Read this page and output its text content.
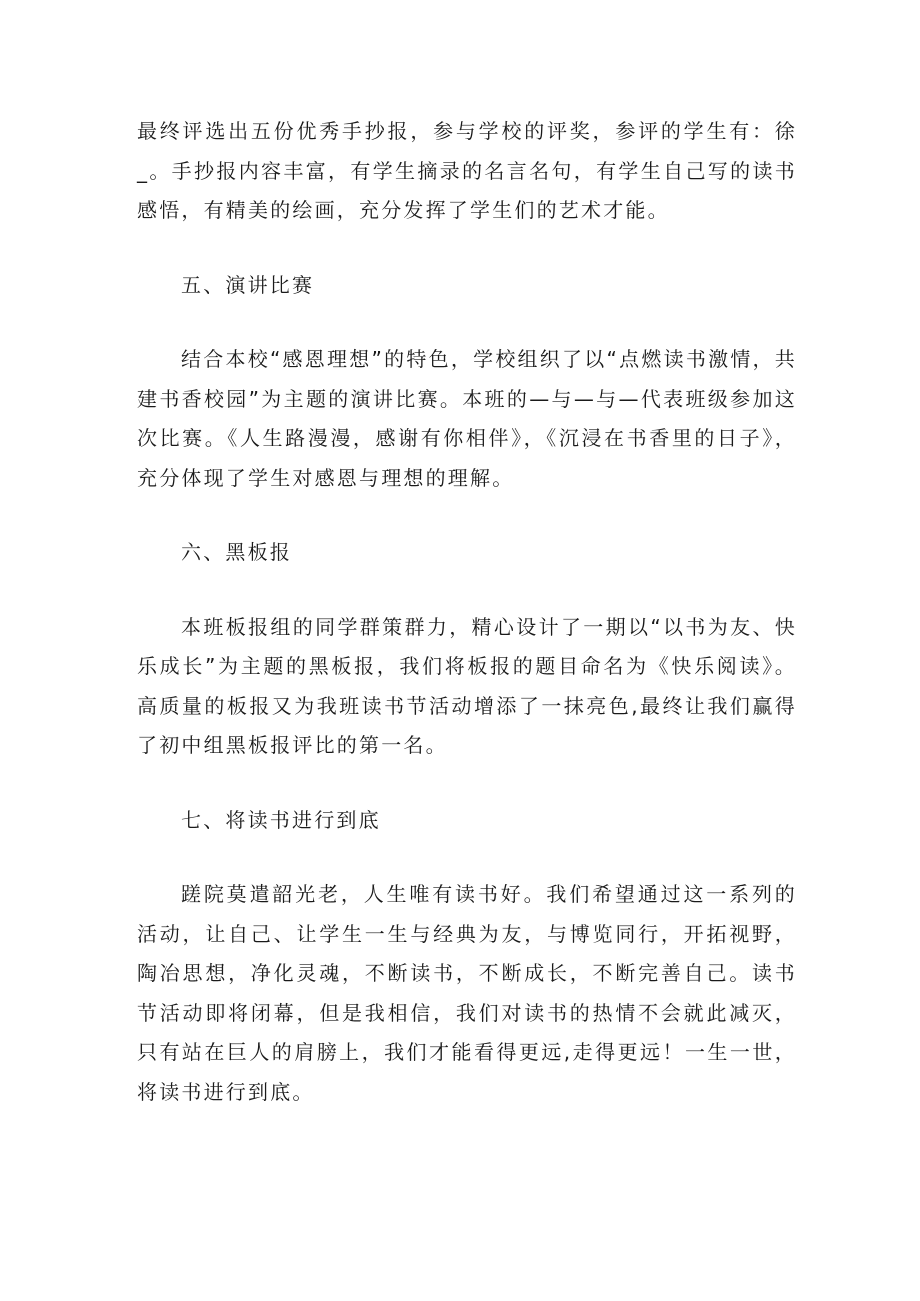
最终评选出五份优秀手抄报，参与学校的评奖，参评的学生有：徐_。手抄报内容丰富，有学生摘录的名言名句，有学生自己写的读书感悟，有精美的绘画，充分发挥了学生们的艺术才能。

五、演讲比赛

结合本校“感恩理想”的特色，学校组织了以“点燃读书激情，共建书香校园”为主题的演讲比赛。本班的—与—与—代表班级参加这次比赛。《人生路漫漫，感谢有你相伴》，《沉浸在书香里的日子》，充分体现了学生对感恩与理想的理解。

六、黑板报

本班板报组的同学群策群力，精心设计了一期以“以书为友、快乐成长”为主题的黑板报，我们将板报的题目命名为《快乐阅读》。高质量的板报又为我班读书节活动增添了一抹亮色,最终让我们赢得了初中组黑板报评比的第一名。

七、将读书进行到底

蹉院莫遣韶光老，人生唯有读书好。我们希望通过这一系列的活动，让自己、让学生一生与经典为友，与博览同行，开拓视野，陶冶思想，净化灵魂，不断读书，不断成长，不断完善自己。读书节活动即将闭幕，但是我相信，我们对读书的热情不会就此减灭，只有站在巨人的肩膀上，我们才能看得更远,走得更远！一生一世，将读书进行到底。
